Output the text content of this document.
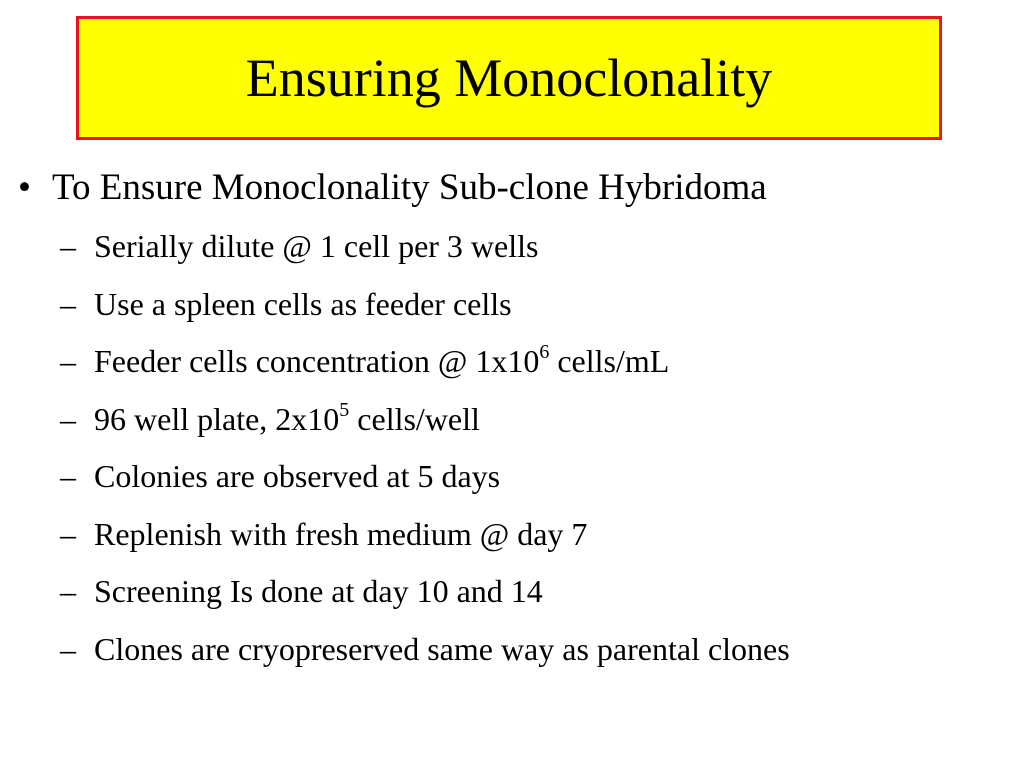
Ensuring Monoclonality
• To Ensure Monoclonality Sub-clone Hybridoma
– Serially dilute @ 1 cell per 3 wells
– Use a spleen cells as feeder cells
– Feeder cells concentration @ $1x10^6$ cells/mL
– 96 well plate, $2x10^5$ cells/well
– Colonies are observed at 5 days
– Replenish with fresh medium @ day 7
– Screening Is done at day 10 and 14
– Clones are cryopreserved same way as parental clones
